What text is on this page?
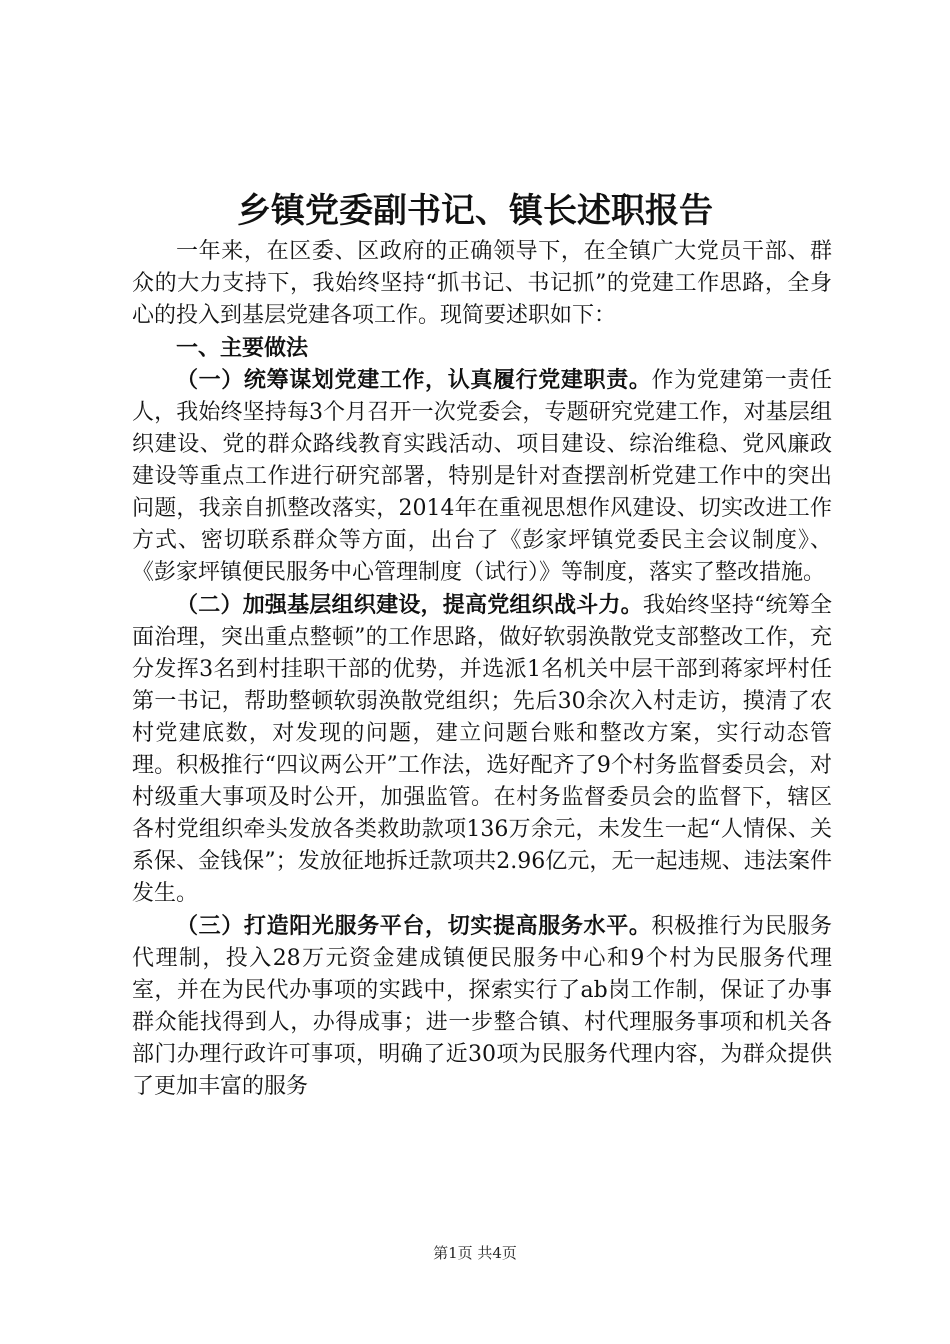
乡镇党委副书记、镇长述职报告

一年来，在区委、区政府的正确领导下，在全镇广大党员干部、群众的大力支持下，我始终坚持“抓书记、书记抓”的党建工作思路，全身心的投入到基层党建各项工作。现简要述职如下：

一、主要做法

（一）统筹谋划党建工作，认真履行党建职责。作为党建第一责任人，我始终坚持每3个月召开一次党委会，专题研究党建工作，对基层组织建设、党的群众路线教育实践活动、项目建设、综治维稳、党风廉政建设等重点工作进行研究部署，特别是针对查摆剖析党建工作中的突出问题，我亲自抓整改落实，2014年在重视思想作风建设、切实改进工作方式、密切联系群众等方面，出台了《彭家坪镇党委民主会议制度》、《彭家坪镇便民服务中心管理制度（试行）》等制度，落实了整改措施。

（二）加强基层组织建设，提高党组织战斗力。我始终坚持“统筹全面治理，突出重点整顿”的工作思路，做好软弱涣散党支部整改工作，充分发挥3名到村挂职干部的优势，并选派1名机关中层干部到蒋家坪村任第一书记，帮助整顿软弱涣散党组织；先后30余次入村走访，摸清了农村党建底数，对发现的问题，建立问题台账和整改方案，实行动态管理。积极推行“四议两公开”工作法，选好配齐了9个村务监督委员会，对村级重大事项及时公开，加强监管。在村务监督委员会的监督下，辖区各村党组织牵头发放各类救助款项136万余元，未发生一起“人情保、关系保、金钱保”；发放征地拆迁款项共2.96亿元，无一起违规、违法案件发生。

（三）打造阳光服务平台，切实提高服务水平。积极推行为民服务代理制，投入28万元资金建成镇便民服务中心和9个村为民服务代理室，并在为民代办事项的实践中，探索实行了ab岗工作制，保证了办事群众能找得到人，办得成事；进一步整合镇、村代理服务事项和机关各部门办理行政许可事项，明确了近30项为民服务代理内容，为群众提供了更加丰富的服务

第1页 共4页
